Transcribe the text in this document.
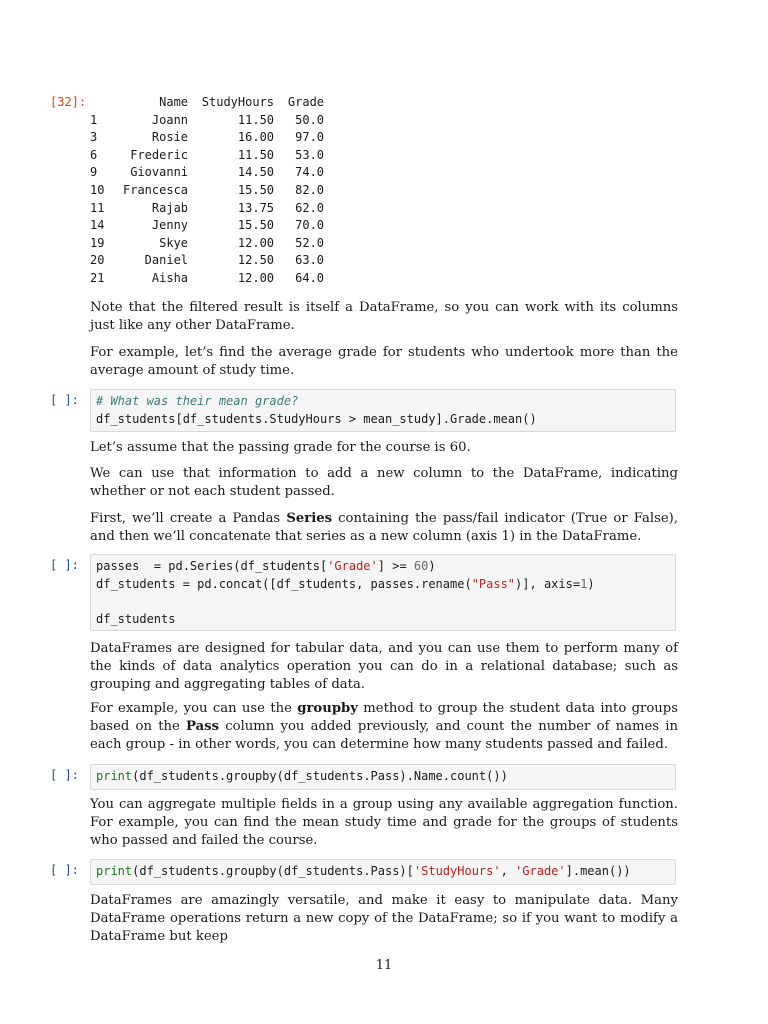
[32]:
		Name	StudyHours	Grade
1	Joann	11.50	50.0
3	Rosie	16.00	97.0
6	Frederic	11.50	53.0
9	Giovanni	14.50	74.0
10	Francesca	15.50	82.0
11	Rajab	13.75	62.0
14	Jenny	15.50	70.0
19	Skye	12.00	52.0
20	Daniel	12.50	63.0
21	Aisha	12.00	64.0

Note that the filtered result is itself a DataFrame, so you can work with its columns just like any other DataFrame.

For example, let’s find the average grade for students who undertook more than the average amount of study time.

[ ]:	# What was their mean grade?
df_students[df_students.StudyHours > mean_study].Grade.mean()

Let’s assume that the passing grade for the course is 60.

We can use that information to add a new column to the DataFrame, indicating whether or not each student passed.

First, we’ll create a Pandas Series containing the pass/fail indicator (True or False), and then we’ll concatenate that series as a new column (axis 1) in the DataFrame.

[ ]:	passes  = pd.Series(df_students['Grade'] >= 60)
df_students = pd.concat([df_students, passes.rename("Pass")], axis=1)

df_students

DataFrames are designed for tabular data, and you can use them to perform many of the kinds of data analytics operation you can do in a relational database; such as grouping and aggregating tables of data.

For example, you can use the groupby method to group the student data into groups based on the Pass column you added previously, and count the number of names in each group - in other words, you can determine how many students passed and failed.

[ ]:	print(df_students.groupby(df_students.Pass).Name.count())

You can aggregate multiple fields in a group using any available aggregation function. For example, you can find the mean study time and grade for the groups of students who passed and failed the course.

[ ]:	print(df_students.groupby(df_students.Pass)['StudyHours', 'Grade'].mean())

DataFrames are amazingly versatile, and make it easy to manipulate data. Many DataFrame operations return a new copy of the DataFrame; so if you want to modify a DataFrame but keep

11
